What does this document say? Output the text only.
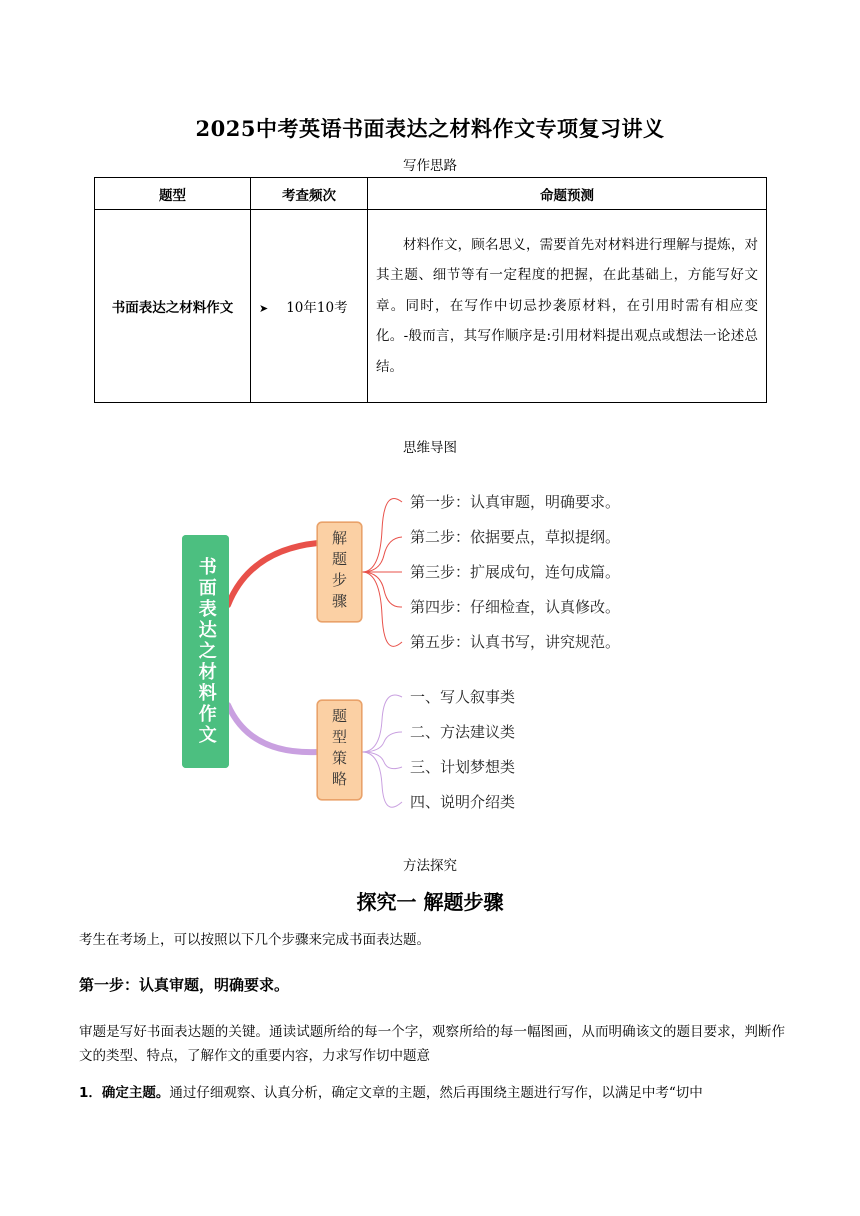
2025中考英语书面表达之材料作文专项复习讲义
写作思路
题型	考查频次	命题预测
书面表达之材料作文	➤ 10年10考	材料作文，顾名思义，需要首先对材料进行理解与提炼，对其主题、细节等有一定程度的把握，在此基础上，方能写好文章。同时，在写作中切忌抄袭原材料，在引用时需有相应变化。-般而言，其写作顺序是:引用材料提出观点或想法一论述总结。

思维导图
书面表达之材料作文	解题步骤
题型策略
第一步：认真审题，明确要求。
第二步：依据要点，草拟提纲。
第三步：扩展成句，连句成篇。
第四步：仔细检查，认真修改。
第五步：认真书写，讲究规范。
一、写人叙事类
二、方法建议类
三、计划梦想类
四、说明介绍类
方法探究
探究一 解题步骤
考生在考场上，可以按照以下几个步骤来完成书面表达题。
第一步：认真审题，明确要求。
审题是写好书面表达题的关键。通读试题所给的每一个字，观察所给的每一幅图画，从而明确该文的题目要求，判断作文的类型、特点，了解作文的重要内容，力求写作切中题意
1．确定主题。通过仔细观察、认真分析，确定文章的主题，然后再围绕主题进行写作，以满足中考“切中
